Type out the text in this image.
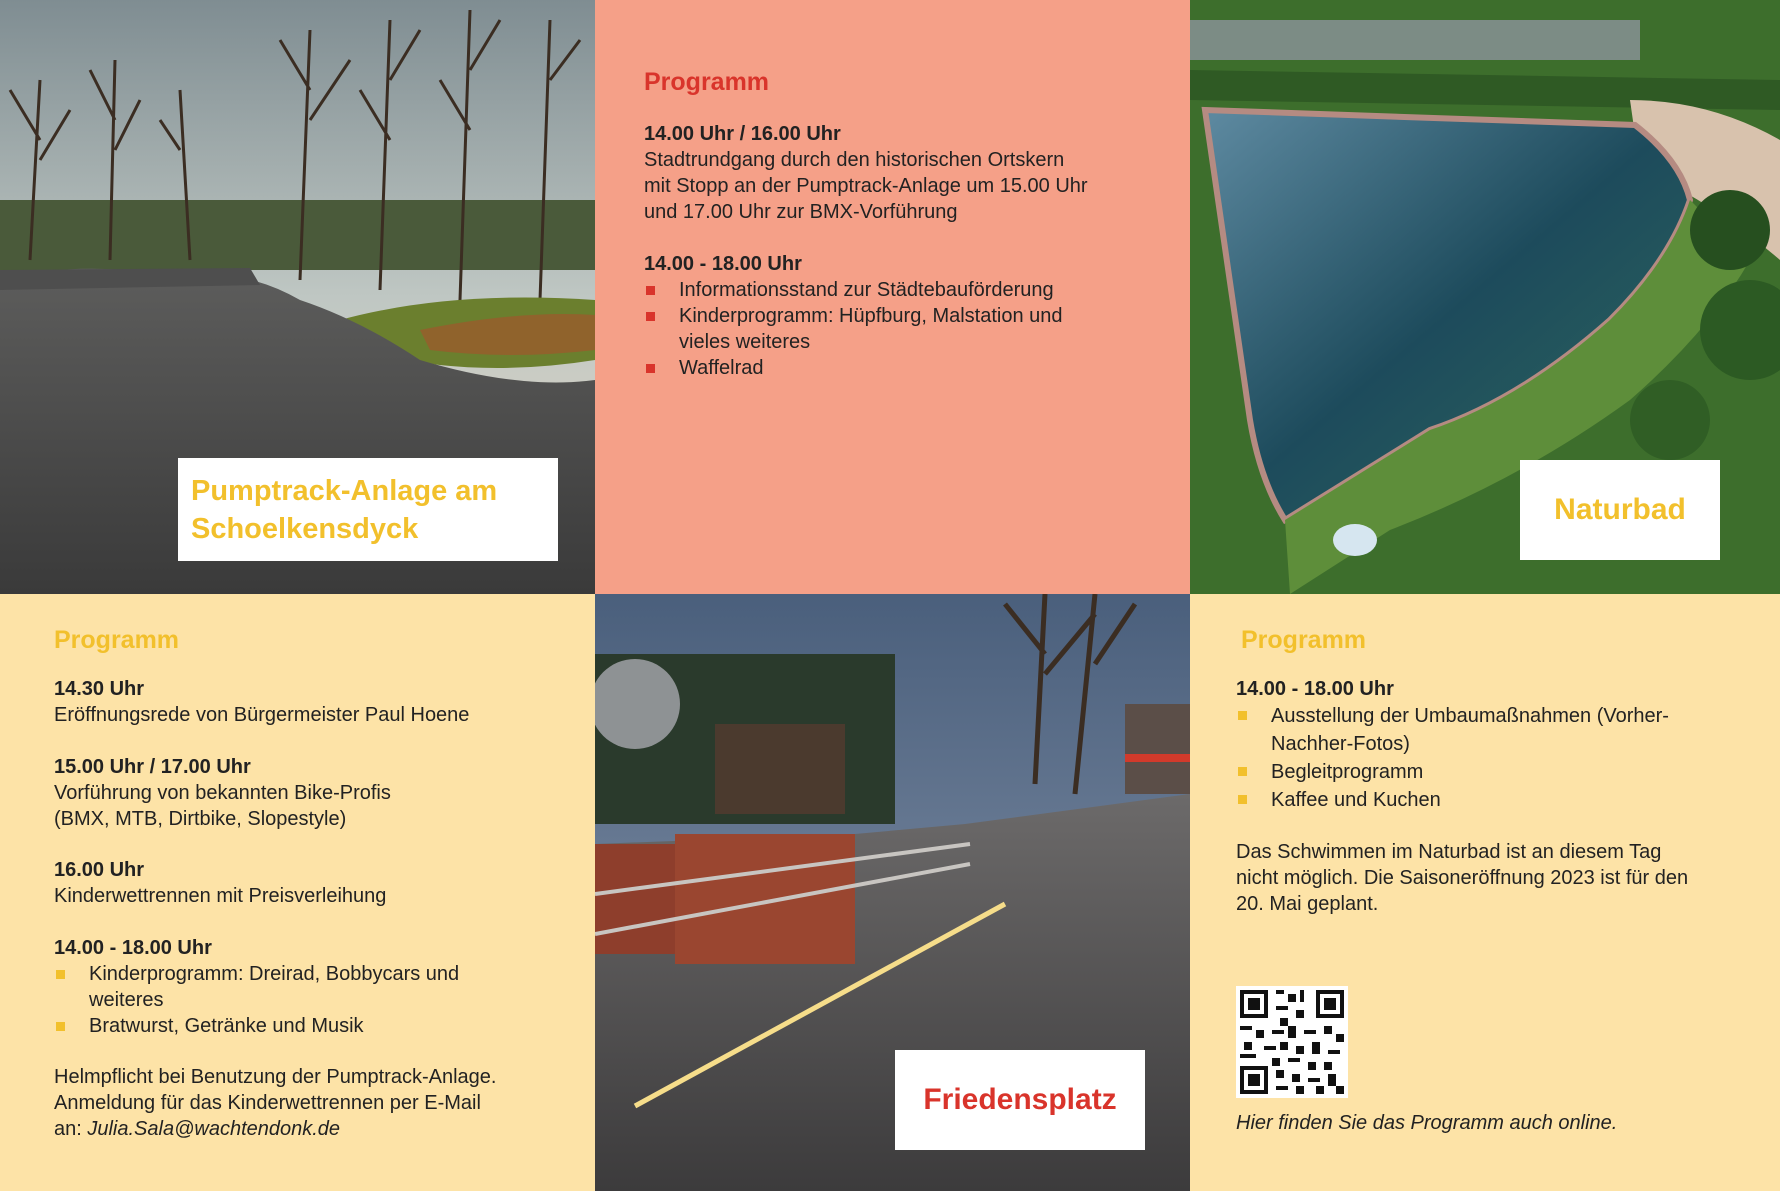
Pumptrack-Anlage am
Schoelkensdyck
Programm
14.00 Uhr / 16.00 Uhr
Stadtrundgang durch den historischen Ortskern
mit Stopp an der Pumptrack-Anlage um 15.00 Uhr
und 17.00 Uhr zur BMX-Vorführung
14.00 - 18.00 Uhr
Informationsstand zur Städtebauförderung
Kinderprogramm: Hüpfburg, Malstation und vieles weiteres
Waffelrad
Naturbad
Programm
14.30 Uhr
Eröffnungsrede von Bürgermeister Paul Hoene
15.00 Uhr / 17.00 Uhr
Vorführung von bekannten Bike-Profis
(BMX, MTB, Dirtbike, Slopestyle)
16.00 Uhr
Kinderwettrennen mit Preisverleihung
14.00 - 18.00 Uhr
Kinderprogramm: Dreirad, Bobbycars und weiteres
Bratwurst, Getränke und Musik
Helmpflicht bei Benutzung der Pumptrack-Anlage.
Anmeldung für das Kinderwettrennen per E-Mail
an: Julia.Sala@wachtendonk.de
Friedensplatz
Programm
14.00 - 18.00 Uhr
Ausstellung der Umbaumaßnahmen (Vorher-Nachher-Fotos)
Begleitprogramm
Kaffee und Kuchen
Das Schwimmen im Naturbad ist an diesem Tag
nicht möglich. Die Saisoneröffnung 2023 ist für den
20. Mai geplant.
Hier finden Sie das Programm auch online.
